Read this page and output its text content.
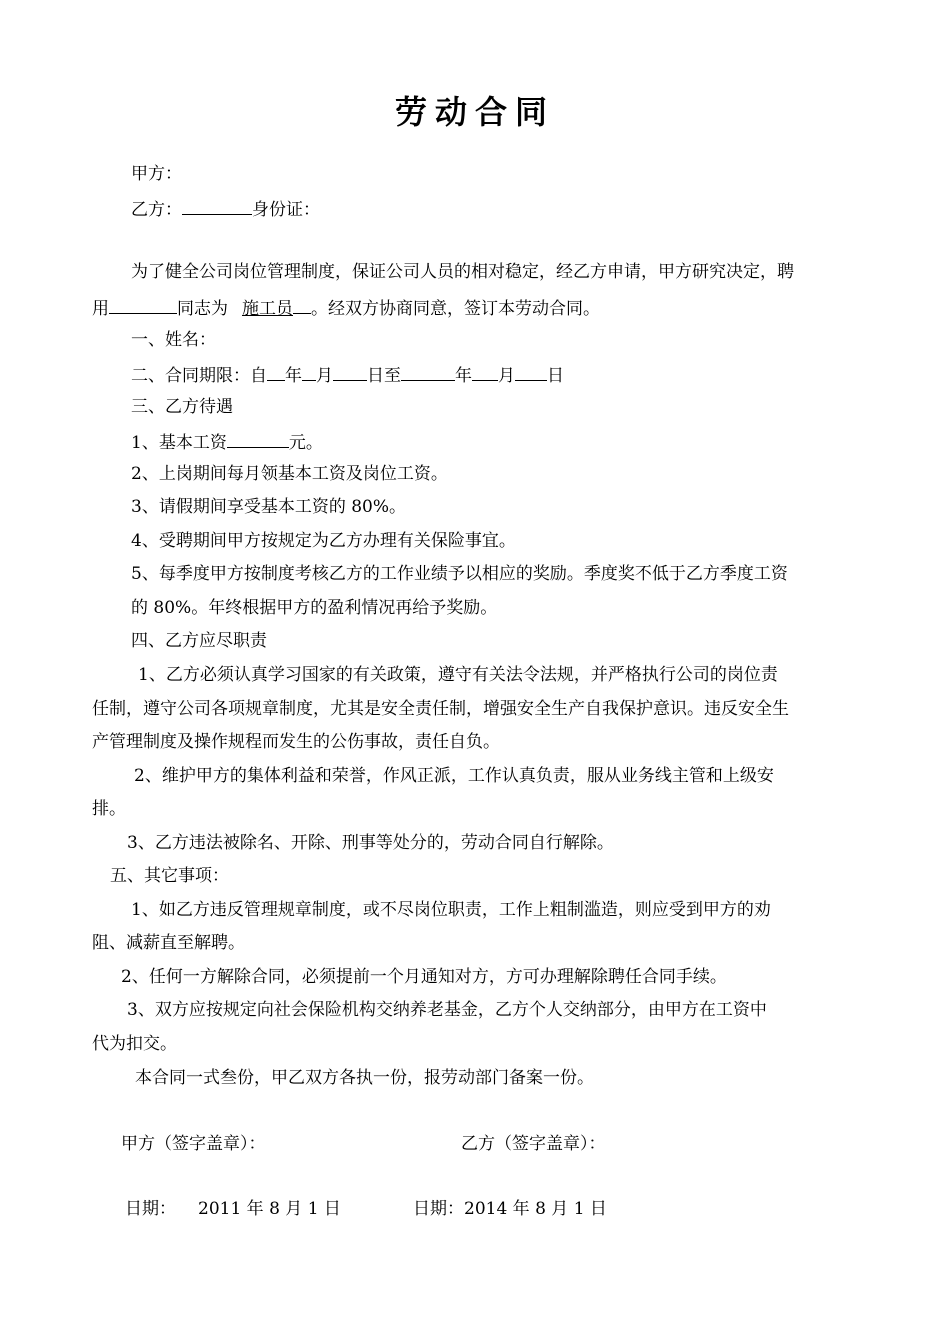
劳动合同
甲方：
乙方：	身份证：
为了健全公司岗位管理制度，保证公司人员的相对稳定，经乙方申请，甲方研究决定，聘
用	同志为 施工员 。经双方协商同意，签订本劳动合同。
一、姓名：
二、合同期限：自 年 月 日至	年 月 日
三、乙方待遇
1、基本工资	元。
2、上岗期间每月领基本工资及岗位工资。
3、请假期间享受基本工资的 80%。
4、受聘期间甲方按规定为乙方办理有关保险事宜。
5、每季度甲方按制度考核乙方的工作业绩予以相应的奖励。季度奖不低于乙方季度工资
的 80%。年终根据甲方的盈利情况再给予奖励。
四、乙方应尽职责
1、乙方必须认真学习国家的有关政策，遵守有关法令法规，并严格执行公司的岗位责
任制，遵守公司各项规章制度，尤其是安全责任制，增强安全生产自我保护意识。违反安全生
产管理制度及操作规程而发生的公伤事故，责任自负。
2、维护甲方的集体利益和荣誉，作风正派，工作认真负责，服从业务线主管和上级安
排。
3、乙方违法被除名、开除、刑事等处分的，劳动合同自行解除。
五、其它事项：
1、如乙方违反管理规章制度，或不尽岗位职责，工作上粗制滥造，则应受到甲方的劝
阻、减薪直至解聘。
2、任何一方解除合同，必须提前一个月通知对方，方可办理解除聘任合同手续。
3、双方应按规定向社会保险机构交纳养老基金，乙方个人交纳部分，由甲方在工资中
代为扣交。
本合同一式叁份，甲乙双方各执一份，报劳动部门备案一份。
甲方（签字盖章）：	乙方（签字盖章）：
日期： 2011 年 8 月 1 日	日期：2014 年 8 月 1 日
